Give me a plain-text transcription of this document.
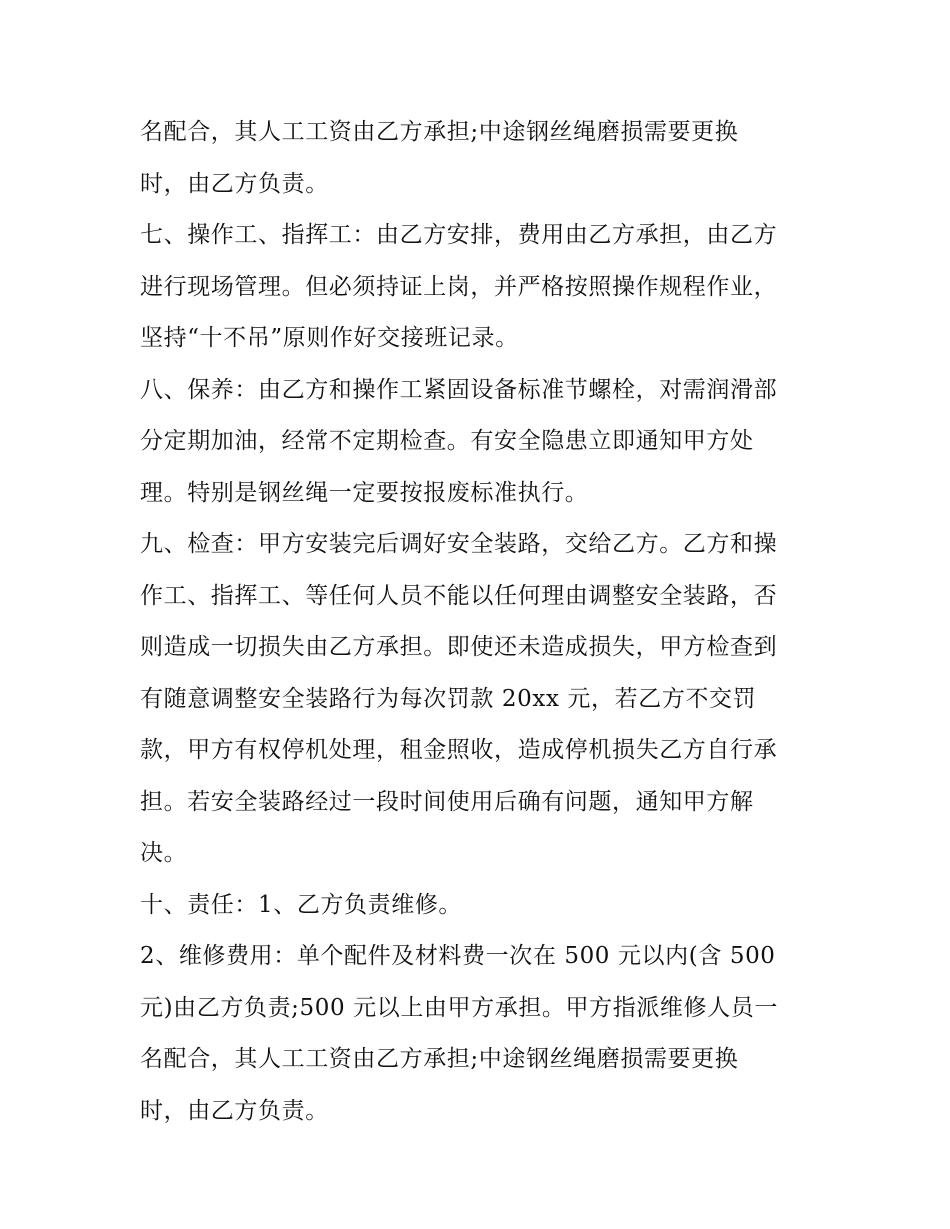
名配合，其人工工资由乙方承担;中途钢丝绳磨损需要更换
时，由乙方负责。
七、操作工、指挥工：由乙方安排，费用由乙方承担，由乙方
进行现场管理。但必须持证上岗，并严格按照操作规程作业，
坚持“十不吊”原则作好交接班记录。
八、保养：由乙方和操作工紧固设备标准节螺栓，对需润滑部
分定期加油，经常不定期检查。有安全隐患立即通知甲方处
理。特别是钢丝绳一定要按报废标准执行。
九、检查：甲方安装完后调好安全装路，交给乙方。乙方和操
作工、指挥工、等任何人员不能以任何理由调整安全装路，否
则造成一切损失由乙方承担。即使还未造成损失，甲方检查到
有随意调整安全装路行为每次罚款 20xx 元，若乙方不交罚
款，甲方有权停机处理，租金照收，造成停机损失乙方自行承
担。若安全装路经过一段时间使用后确有问题，通知甲方解
决。
十、责任：1、乙方负责维修。
2、维修费用：单个配件及材料费一次在 500 元以内(含 500
元)由乙方负责;500 元以上由甲方承担。甲方指派维修人员一
名配合，其人工工资由乙方承担;中途钢丝绳磨损需要更换
时，由乙方负责。
